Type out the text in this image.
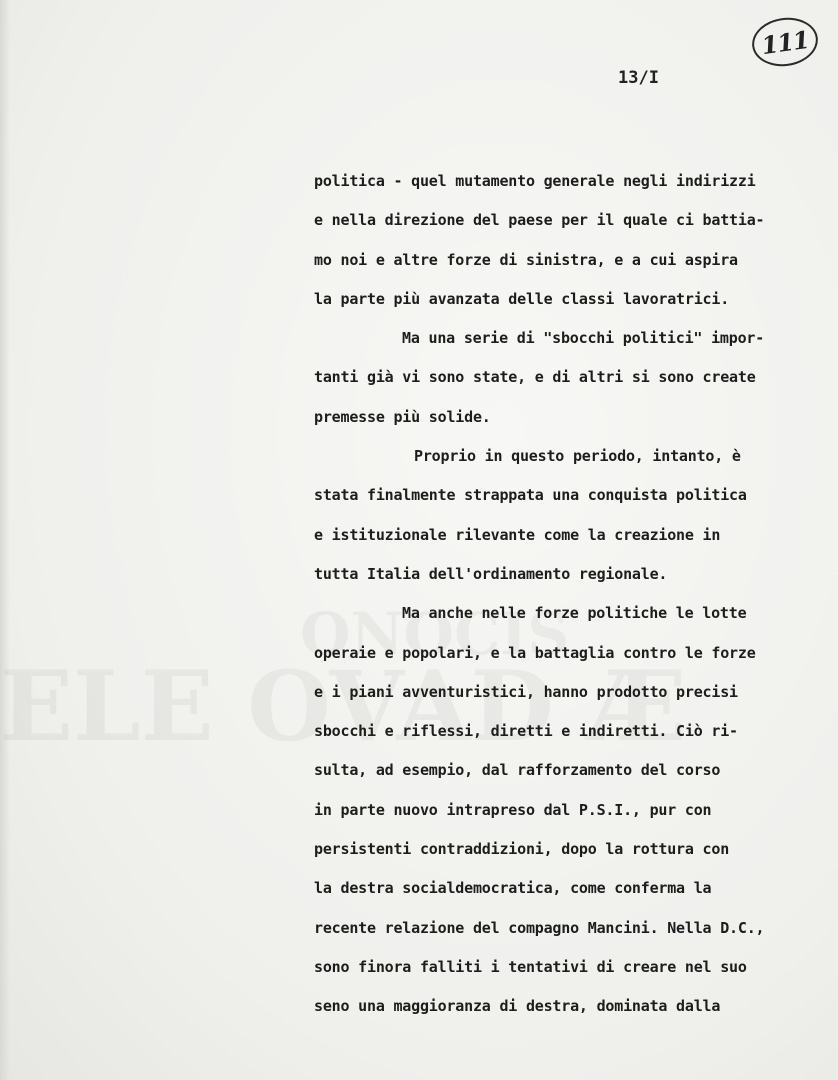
111
13/I
politica - quel mutamento generale negli indirizzi
e nella direzione del paese per il quale ci battia-
mo noi e altre forze di sinistra, e a cui aspira
la parte più avanzata delle classi lavoratrici.
Ma una serie di "sbocchi politici" impor-
tanti già vi sono state, e di altri si sono create
premesse più solide.
Proprio in questo periodo, intanto, è
stata finalmente strappata una conquista politica
e istituzionale rilevante come la creazione in
tutta Italia dell'ordinamento regionale.
Ma anche nelle forze politiche le lotte
operaie e popolari, e la battaglia contro le forze
e i piani avventuristici, hanno prodotto precisi
sbocchi e riflessi, diretti e indiretti. Ciò ri-
sulta, ad esempio, dal rafforzamento del corso
in parte nuovo intrapreso dal P.S.I., pur con
persistenti contraddizioni, dopo la rottura con
la destra socialdemocratica, come conferma la
recente relazione del compagno Mancini. Nella D.C.,
sono finora falliti i tentativi di creare nel suo
seno una maggioranza di destra, dominata dalla
